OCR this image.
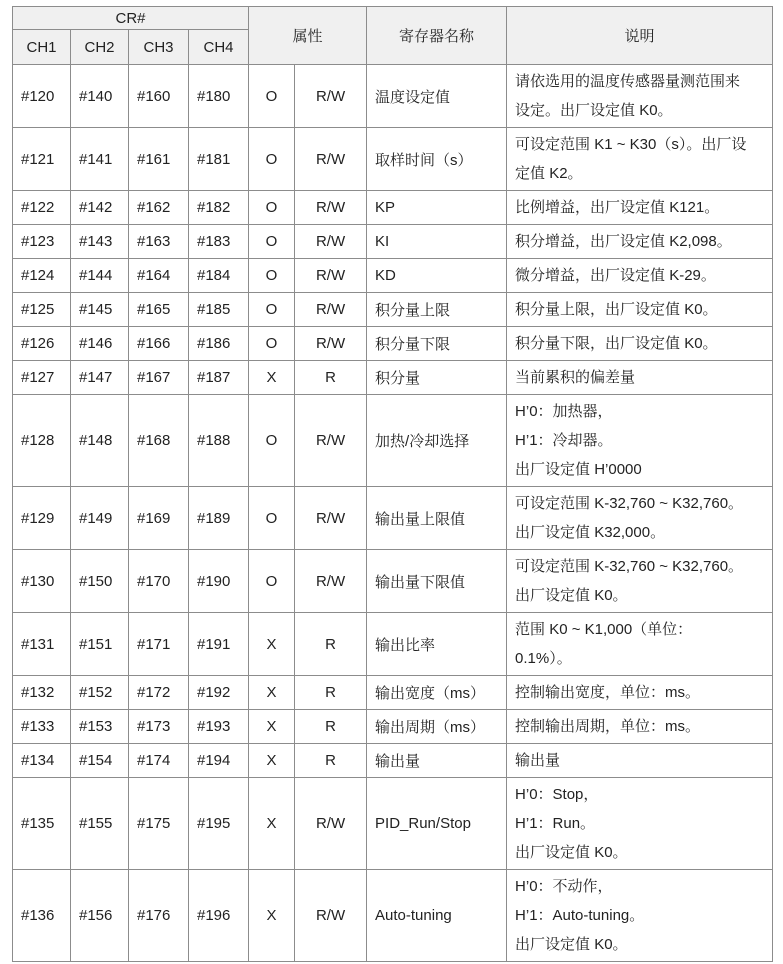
CR#				属性		寄存器名称	说明
CH1	CH2	CH3	CH4				
#120	#140	#160	#180	O	R/W	温度设定值	请依选用的温度传感器量测范围来
设定。出厂设定值 K0。

#121	#141	#161	#181	O	R/W	取样时间（s）	可设定范围 K1 ~ K30（s）。出厂设
定值 K2。

#122	#142	#162	#182	O	R/W	KP	比例增益，出厂设定值 K121。

#123	#143	#163	#183	O	R/W	KI	积分增益，出厂设定值 K2,098。

#124	#144	#164	#184	O	R/W	KD	微分增益，出厂设定值 K-29。

#125	#145	#165	#185	O	R/W	积分量上限	积分量上限，出厂设定值 K0。

#126	#146	#166	#186	O	R/W	积分量下限	积分量下限，出厂设定值 K0。

#127	#147	#167	#187	X	R	积分量	当前累积的偏差量

#128	#148	#168	#188	O	R/W	加热/冷却选择	H’0：加热器，
H’1：冷却器。
出厂设定值 H’0000

#129	#149	#169	#189	O	R/W	输出量上限值	可设定范围 K-32,760 ~ K32,760。
出厂设定值 K32,000。

#130	#150	#170	#190	O	R/W	输出量下限值	可设定范围 K-32,760 ~ K32,760。
出厂设定值 K0。

#131	#151	#171	#191	X	R	输出比率	范围 K0 ~ K1,000（单位：
0.1%）。

#132	#152	#172	#192	X	R	输出宽度（ms）	控制输出宽度，单位：ms。

#133	#153	#173	#193	X	R	输出周期（ms）	控制输出周期，单位：ms。

#134	#154	#174	#194	X	R	输出量	输出量

#135	#155	#175	#195	X	R/W	PID_Run/Stop	H’0：Stop，
H’1：Run。
出厂设定值 K0。

#136	#156	#176	#196	X	R/W	Auto-tuning	H’0：不动作，
H’1：Auto-tuning。
出厂设定值 K0。
